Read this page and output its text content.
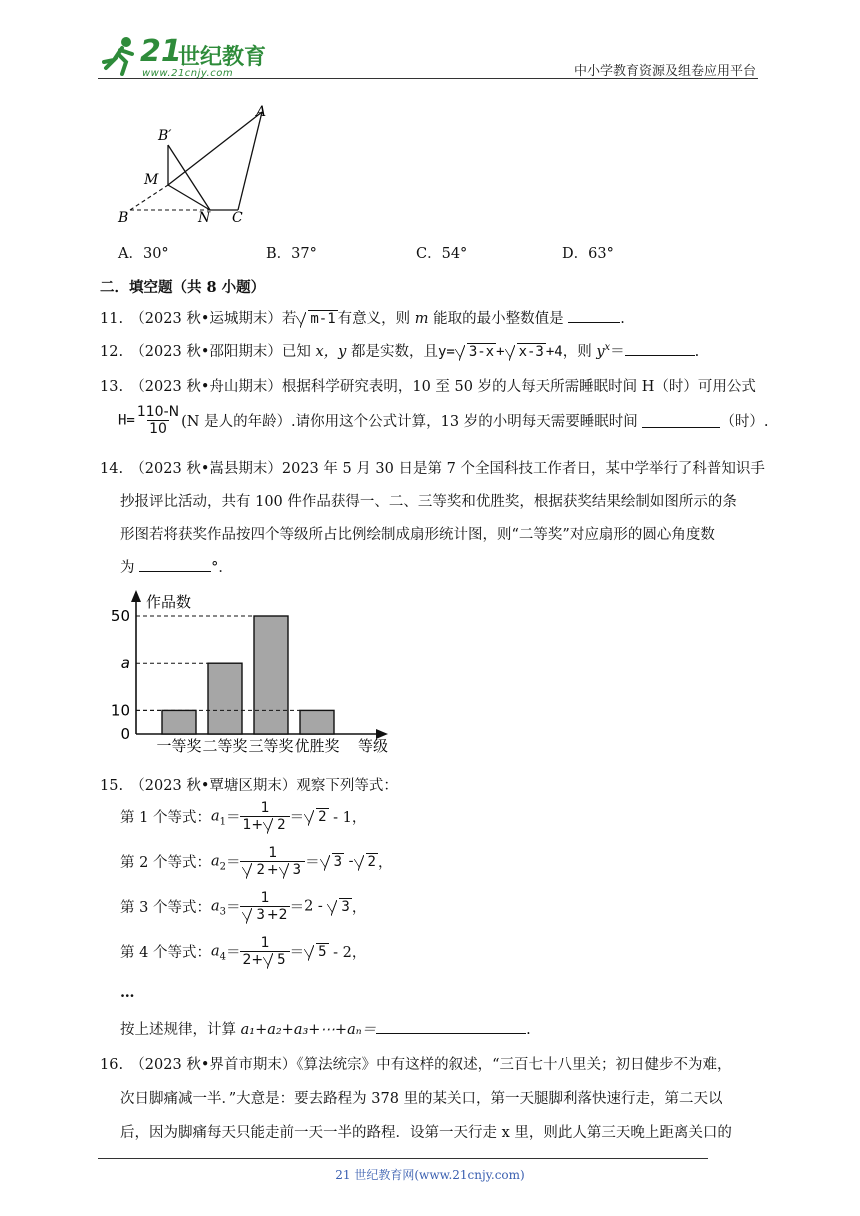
21
世纪教育
www.21cnjy.com	中小学教育资源及组卷应用平台
A
B′
M
B	N C
A．30°	B．37°	C．54°	D．63°
二．填空题（共 8 小题）
11.　（2023 秋•运城期末）若 m-1 有意义，则 m 能取的最小整数值是	.
12.　（2023 秋•邵阳期末）已知 x，y 都是实数，且y= 3-x + x-3 +4，则 $y^x=$	.
13.　（2023 秋•舟山期末）根据科学研究表明，10 至 50 岁的人每天所需睡眠时间 H（时）可用公式
$H= \frac{110-N}{10} (N$ 是人的年龄）.请你用这个公式计算，13 岁的小明每天需要睡眠时间	（时）.
14.　（2023 秋•嵩县期末）2023 年 5 月 30 日是第 7 个全国科技工作者日，某中学举行了科普知识手
抄报评比活动，共有 100 件作品获得一、二、三等奖和优胜奖，根据获奖结果绘制如图所示的条
形图若将获奖作品按四个等级所占比例绘制成扇形统计图，则“二等奖”对应扇形的圆心角度数
为	°．
作品数
等级
0
10
a
50
一等奖 二等奖 三等奖 优胜奖
15.　（2023 秋•覃塘区期末）观察下列等式：
第 1 个等式：$a_1= \frac{1}{1+ 2} = 2 - 1$，
第 2 个等式：$a_2= \frac{1}{2 + 3} = 3 - 2$ ，
第 3 个等式：$a_3= \frac{1}{3 +2} =2 - 3$ ，
第 4 个等式：$a_4= \frac{1}{2+ 5} = 5 - 2$，
…
按上述规律，计算 a₁+a₂+a₃+⋯+aₙ＝	.
16.　（2023 秋•界首市期末）《算法统宗》中有这样的叙述，“三百七十八里关；初日健步不为难，
次日脚痛减一半．”大意是：要去路程为 378 里的某关口，第一天腿脚利落快速行走，第二天以
后，因为脚痛每天只能走前一天一半的路程．设第一天行走 x 里，则此人第三天晚上距离关口的
21 世纪教育网(www.21cnjy.com)
